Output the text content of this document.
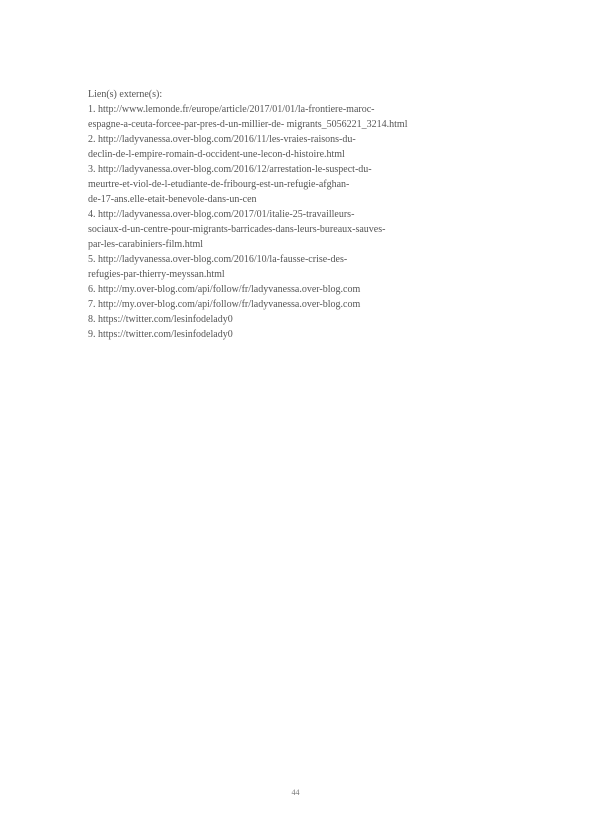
Lien(s) externe(s):
1. http://www.lemonde.fr/europe/article/2017/01/01/la-frontiere-maroc-
espagne-a-ceuta-forcee-par-pres-d-un-millier-de- migrants_5056221_3214.html
2. http://ladyvanessa.over-blog.com/2016/11/les-vraies-raisons-du-
declin-de-l-empire-romain-d-occident-une-lecon-d-histoire.html
3. http://ladyvanessa.over-blog.com/2016/12/arrestation-le-suspect-du-
meurtre-et-viol-de-l-etudiante-de-fribourg-est-un-refugie-afghan-
de-17-ans.elle-etait-benevole-dans-un-cen
4. http://ladyvanessa.over-blog.com/2017/01/italie-25-travailleurs-
sociaux-d-un-centre-pour-migrants-barricades-dans-leurs-bureaux-sauves-
par-les-carabiniers-film.html
5. http://ladyvanessa.over-blog.com/2016/10/la-fausse-crise-des-
refugies-par-thierry-meyssan.html
6. http://my.over-blog.com/api/follow/fr/ladyvanessa.over-blog.com
7. http://my.over-blog.com/api/follow/fr/ladyvanessa.over-blog.com
8. https://twitter.com/lesinfodelady0
9. https://twitter.com/lesinfodelady0
44
